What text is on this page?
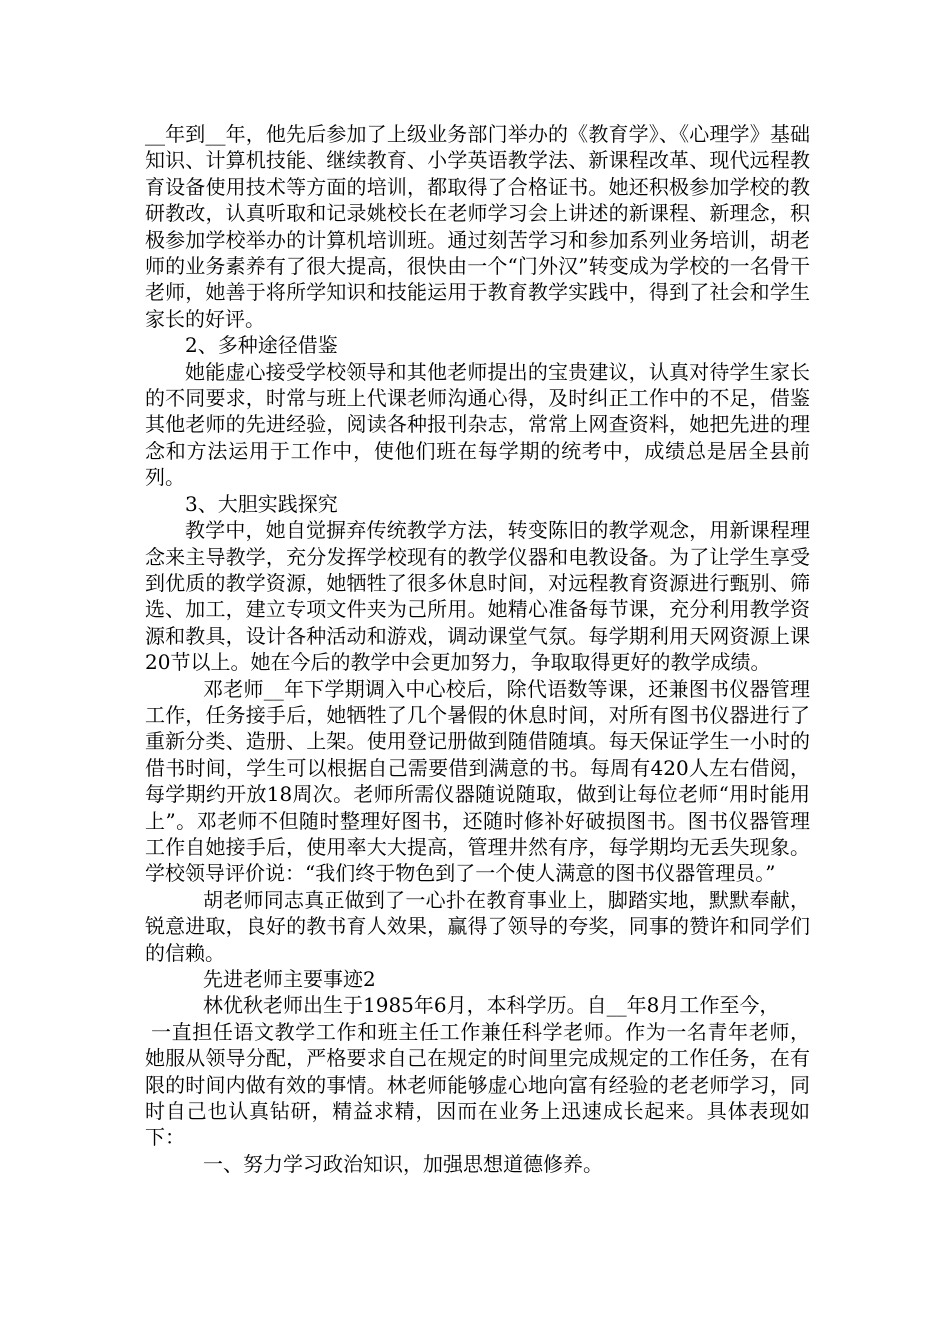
__年到__年，他先后参加了上级业务部门举办的《教育学》、《心理学》基础知识、计算机技能、继续教育、小学英语教学法、新课程改革、现代远程教育设备使用技术等方面的培训，都取得了合格证书。她还积极参加学校的教研教改，认真听取和记录姚校长在老师学习会上讲述的新课程、新理念，积极参加学校举办的计算机培训班。通过刻苦学习和参加系列业务培训，胡老师的业务素养有了很大提高，很快由一个“门外汉”转变成为学校的一名骨干老师，她善于将所学知识和技能运用于教育教学实践中，得到了社会和学生家长的好评。

2、多种途径借鉴

她能虚心接受学校领导和其他老师提出的宝贵建议，认真对待学生家长的不同要求，时常与班上代课老师沟通心得，及时纠正工作中的不足，借鉴其他老师的先进经验，阅读各种报刊杂志，常常上网查资料，她把先进的理念和方法运用于工作中，使他们班在每学期的统考中，成绩总是居全县前列。

3、大胆实践探究

教学中，她自觉摒弃传统教学方法，转变陈旧的教学观念，用新课程理念来主导教学，充分发挥学校现有的教学仪器和电教设备。为了让学生享受到优质的教学资源，她牺牲了很多休息时间，对远程教育资源进行甄别、筛选、加工，建立专项文件夹为己所用。她精心准备每节课，充分利用教学资源和教具，设计各种活动和游戏，调动课堂气氛。每学期利用天网资源上课20节以上。她在今后的教学中会更加努力，争取取得更好的教学成绩。

邓老师__年下学期调入中心校后，除代语数等课，还兼图书仪器管理工作，任务接手后，她牺牲了几个暑假的休息时间，对所有图书仪器进行了重新分类、造册、上架。使用登记册做到随借随填。每天保证学生一小时的借书时间，学生可以根据自己需要借到满意的书。每周有420人左右借阅，每学期约开放18周次。老师所需仪器随说随取，做到让每位老师“用时能用上”。邓老师不但随时整理好图书，还随时修补好破损图书。图书仪器管理工作自她接手后，使用率大大提高，管理井然有序，每学期均无丢失现象。学校领导评价说：“我们终于物色到了一个使人满意的图书仪器管理员。”

胡老师同志真正做到了一心扑在教育事业上，脚踏实地，默默奉献，锐意进取，良好的教书育人效果，赢得了领导的夸奖，同事的赞许和同学们的信赖。

先进老师主要事迹2

林优秋老师出生于1985年6月，本科学历。自__年8月工作至今，

一直担任语文教学工作和班主任工作兼任科学老师。作为一名青年老师，她服从领导分配，严格要求自己在规定的时间里完成规定的工作任务，在有限的时间内做有效的事情。林老师能够虚心地向富有经验的老老师学习，同时自己也认真钻研，精益求精，因而在业务上迅速成长起来。具体表现如下：

一、努力学习政治知识，加强思想道德修养。
